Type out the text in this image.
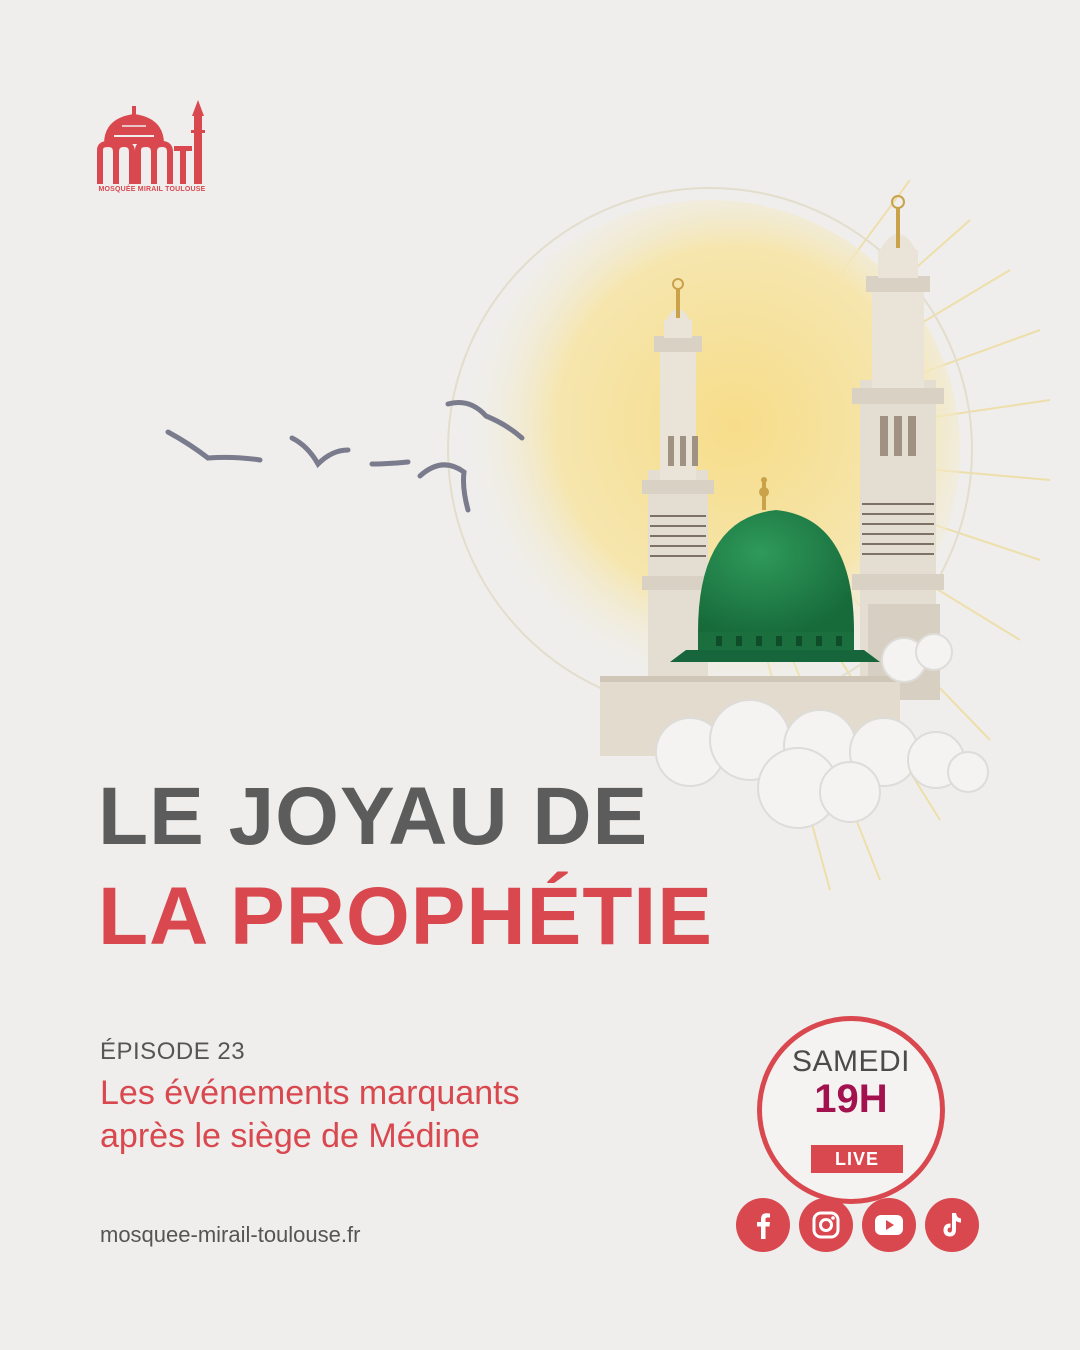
MOSQUÉE MIRAIL TOULOUSE
LE JOYAU DE
LA PROPHÉTIE
ÉPISODE 23
Les événements marquants
après le siège de Médine
mosquee-mirail-toulouse.fr
SAMEDI
19H
LIVE
